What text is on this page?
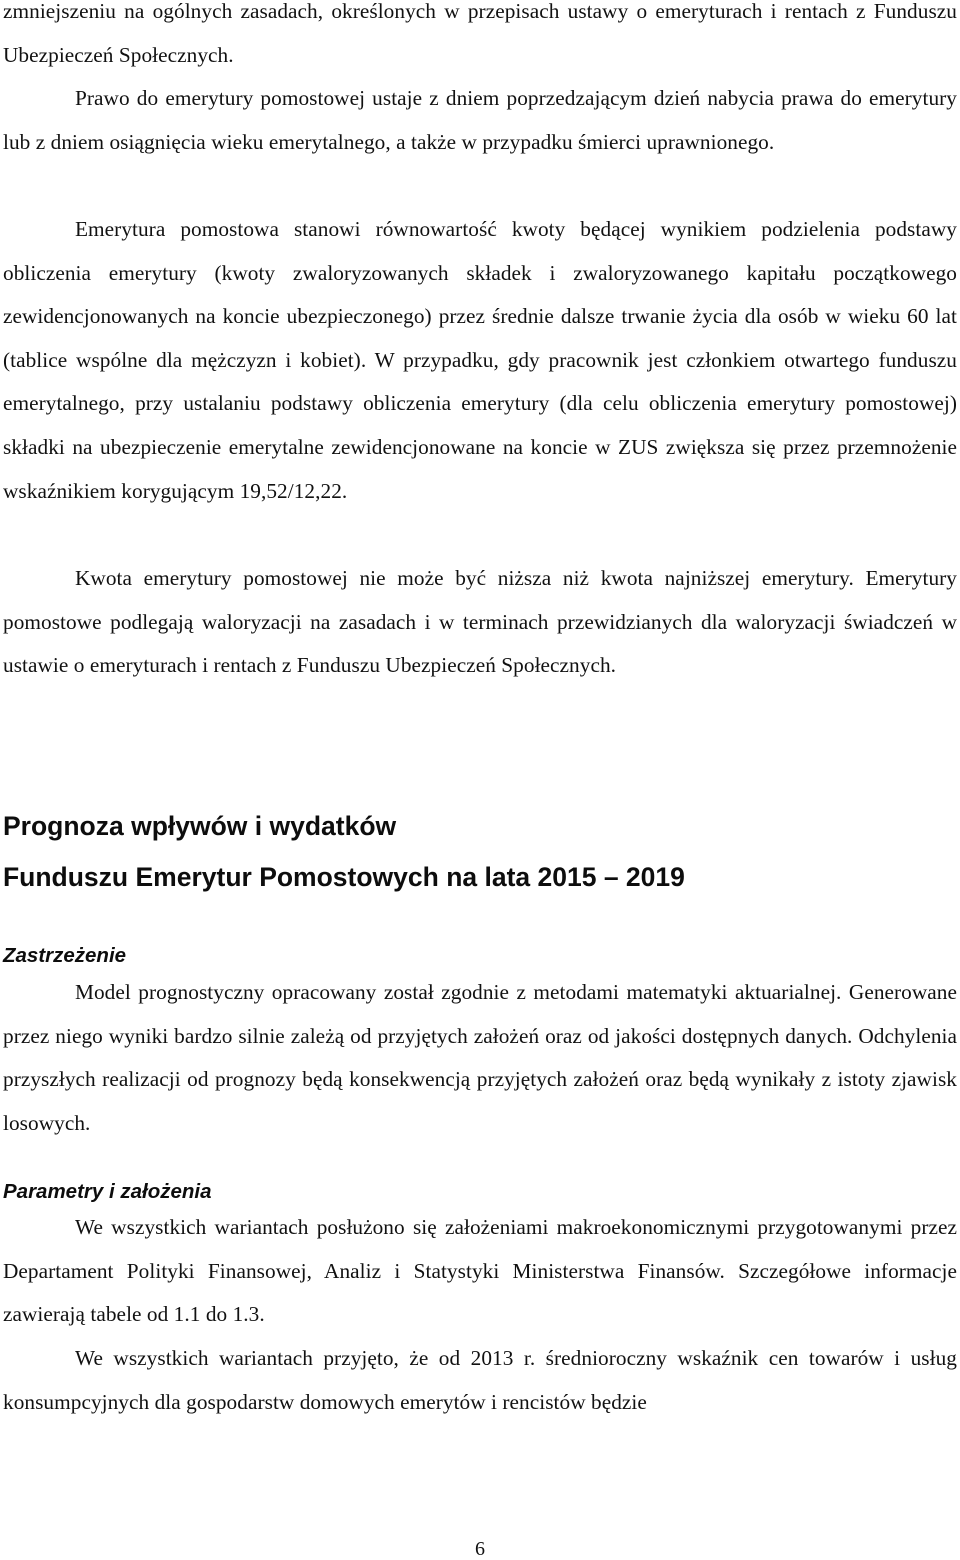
zmniejszeniu na ogólnych zasadach, określonych w przepisach ustawy o emeryturach i rentach z Funduszu Ubezpieczeń Społecznych.

Prawo do emerytury pomostowej ustaje z dniem poprzedzającym dzień nabycia prawa do emerytury lub z dniem osiągnięcia wieku emerytalnego, a także w przypadku śmierci uprawnionego.

Emerytura pomostowa stanowi równowartość kwoty będącej wynikiem podzielenia podstawy obliczenia emerytury (kwoty zwaloryzowanych składek i zwaloryzowanego kapitału początkowego zewidencjonowanych na koncie ubezpieczonego) przez średnie dalsze trwanie życia dla osób w wieku 60 lat (tablice wspólne dla mężczyzn i kobiet). W przypadku, gdy pracownik jest członkiem otwartego funduszu emerytalnego, przy ustalaniu podstawy obliczenia emerytury (dla celu obliczenia emerytury pomostowej) składki na ubezpieczenie emerytalne zewidencjonowane na koncie w ZUS zwiększa się przez przemnożenie wskaźnikiem korygującym 19,52/12,22.

Kwota emerytury pomostowej nie może być niższa niż kwota najniższej emerytury. Emerytury pomostowe podlegają waloryzacji na zasadach i w terminach przewidzianych dla waloryzacji świadczeń w ustawie o emeryturach i rentach z Funduszu Ubezpieczeń Społecznych.

Prognoza wpływów i wydatków
Funduszu Emerytur Pomostowych na lata 2015 – 2019
Zastrzeżenie

Model prognostyczny opracowany został zgodnie z metodami matematyki aktuarialnej. Generowane przez niego wyniki bardzo silnie zależą od przyjętych założeń oraz od jakości dostępnych danych. Odchylenia przyszłych realizacji od prognozy będą konsekwencją przyjętych założeń oraz będą wynikały z istoty zjawisk losowych.

Parametry i założenia

We wszystkich wariantach posłużono się założeniami makroekonomicznymi przygotowanymi przez Departament Polityki Finansowej, Analiz i Statystyki Ministerstwa Finansów. Szczegółowe informacje zawierają tabele od 1.1 do 1.3.

We wszystkich wariantach przyjęto, że od 2013 r. średnioroczny wskaźnik cen towarów i usług konsumpcyjnych dla gospodarstw domowych emerytów i rencistów będzie

6
